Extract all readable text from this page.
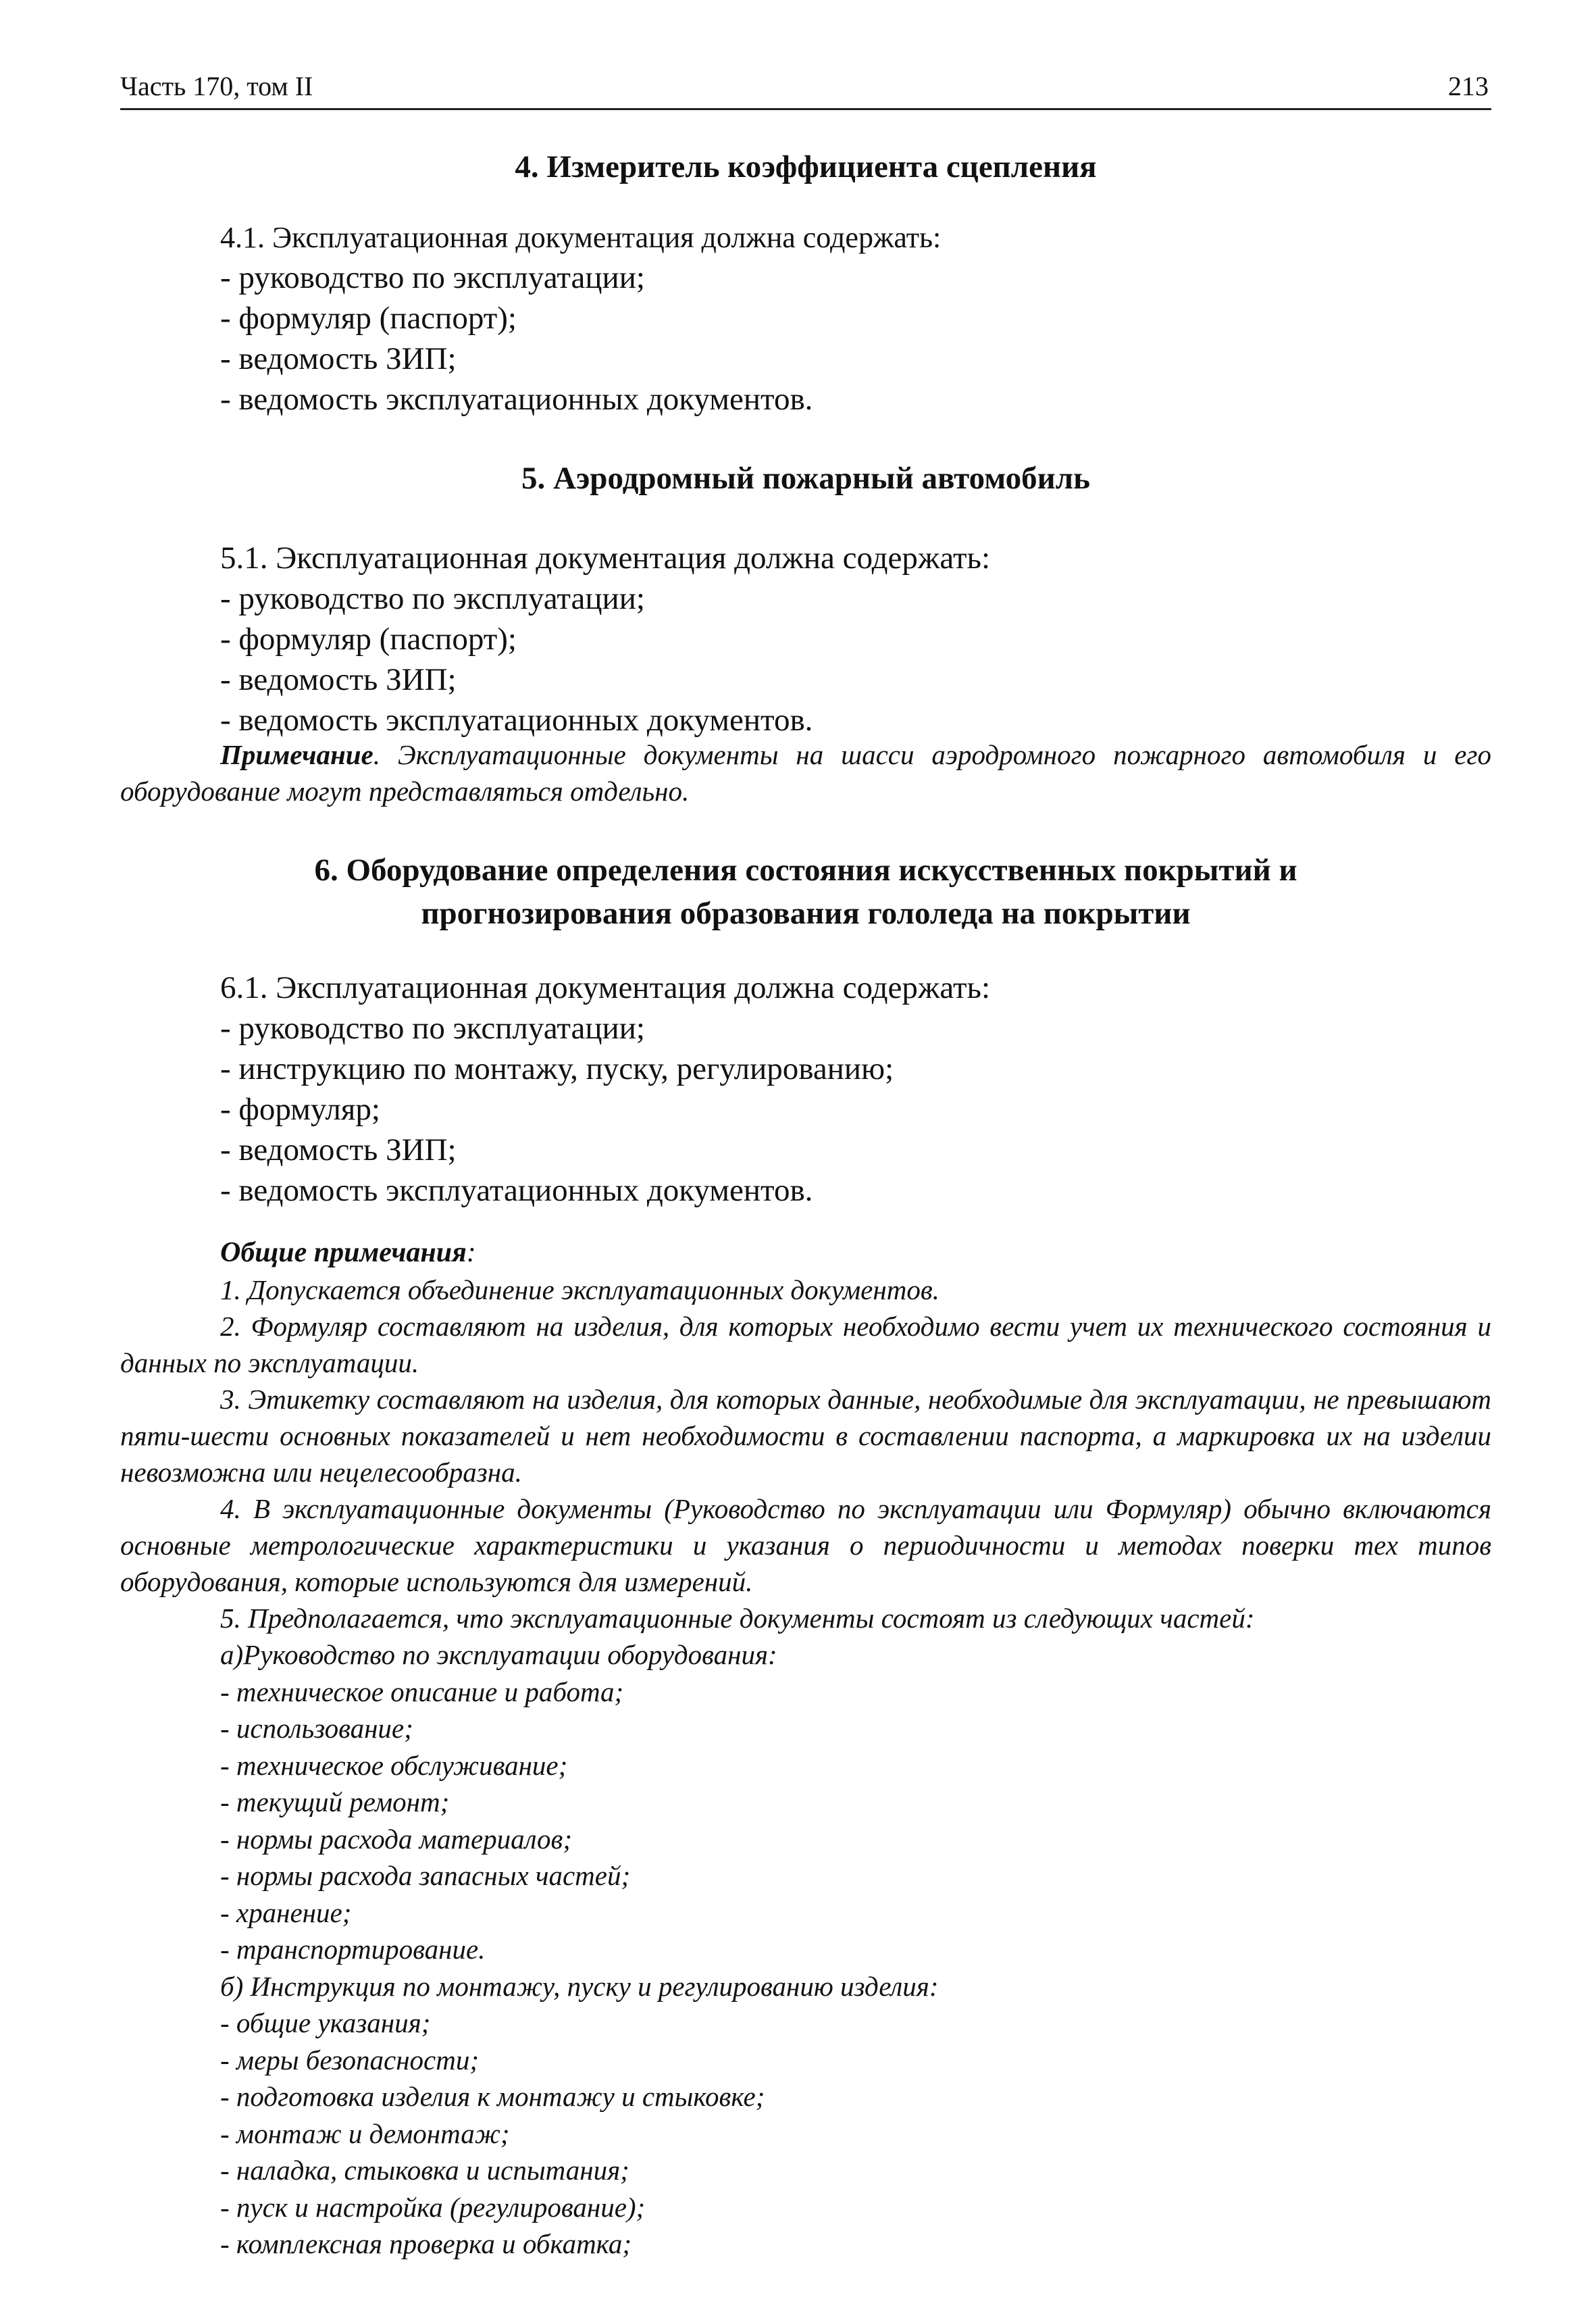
Часть 170, том II	213

4. Измеритель коэффициента сцепления

4.1. Эксплуатационная документация должна содержать:

- руководство по эксплуатации;

- формуляр (паспорт);

- ведомость ЗИП;

- ведомость эксплуатационных документов.

5. Аэродромный пожарный автомобиль

5.1. Эксплуатационная документация должна содержать:

- руководство по эксплуатации;

- формуляр (паспорт);

- ведомость ЗИП;

- ведомость эксплуатационных документов.

Примечание. Эксплуатационные документы на шасси аэродромного пожарного автомобиля и его оборудование могут представляться отдельно.

6. Оборудование определения состояния искусственных покрытий и

прогнозирования образования гололеда на покрытии

6.1. Эксплуатационная документация должна содержать:

- руководство по эксплуатации;

- инструкцию по монтажу, пуску, регулированию;

- формуляр;

- ведомость ЗИП;

- ведомость эксплуатационных документов.

Общие примечания:

1. Допускается объединение эксплуатационных документов.

2. Формуляр составляют на изделия, для которых необходимо вести учет их технического состояния и данных по эксплуатации.

3. Этикетку составляют на изделия, для которых данные, необходимые для эксплуатации, не превышают пяти-шести основных показателей и нет необходимости в составлении паспорта, а маркировка их на изделии невозможна или нецелесообразна.

4. В эксплуатационные документы (Руководство по эксплуатации или Формуляр) обычно включаются основные метрологические характеристики и указания о периодичности и методах поверки тех типов оборудования, которые используются для измерений.

5. Предполагается, что эксплуатационные документы состоят из следующих частей:

а)Руководство по эксплуатации оборудования:

- техническое описание и работа;

- использование;

- техническое обслуживание;

- текущий ремонт;

- нормы расхода материалов;

- нормы расхода запасных частей;

- хранение;

- транспортирование.

б) Инструкция по монтажу, пуску и регулированию изделия:

- общие указания;

- меры безопасности;

- подготовка изделия к монтажу и стыковке;

- монтаж и демонтаж;

- наладка, стыковка и испытания;

- пуск и настройка (регулирование);

- комплексная проверка и обкатка;
